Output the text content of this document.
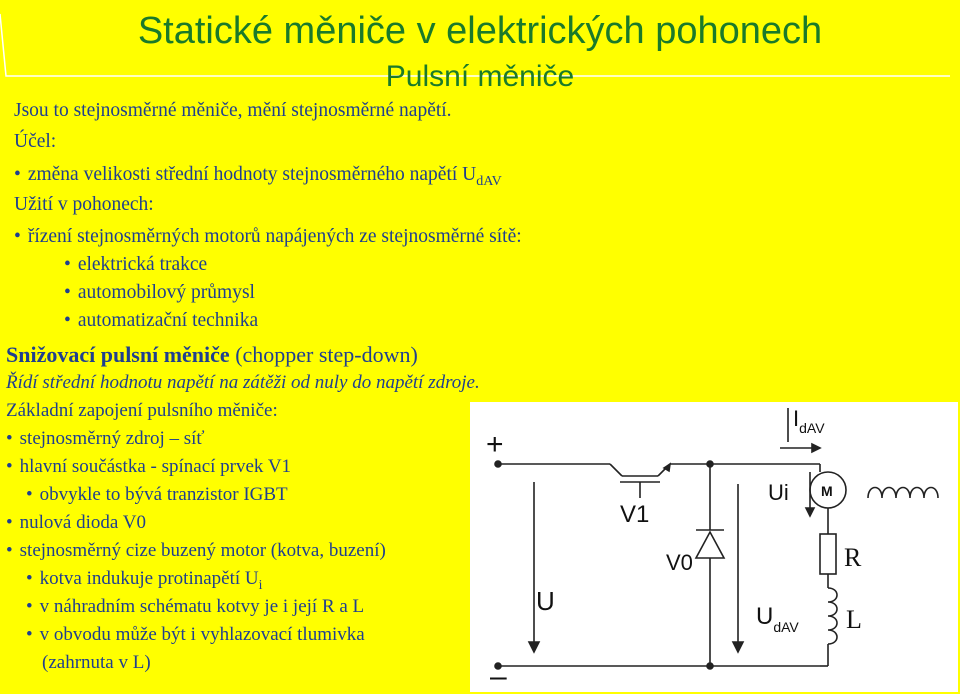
Statické měniče v elektrických pohonech
Pulsní měniče
Jsou to stejnosměrné měniče, mění stejnosměrné napětí.
Účel:
• změna velikosti střední hodnoty stejnosměrného napětí $U_{dAV}$
Užití v pohonech:
• řízení stejnosměrných motorů napájených ze stejnosměrné sítě:
• elektrická trakce
• automobilový průmysl
• automatizační technika
Snižovací pulsní měniče (chopper step-down)
Řídí střední hodnotu napětí na zátěži od nuly do napětí zdroje.
Základní zapojení pulsního měniče:
• stejnosměrný zdroj – síť
• hlavní součástka - spínací prvek V1
• obvykle to bývá tranzistor IGBT
• nulová dioda V0
• stejnosměrný cize buzený motor (kotva, buzení)
• kotva indukuje protinapětí $U_i$
• v náhradním schématu kotvy je i její R a L
• v obvodu může být i vyhlazovací tlumivka
(zahrnuta v L)
+
–
$I_{dAV}$
V1
V0
U
$U_{dAV}$
Ui M
R
L
